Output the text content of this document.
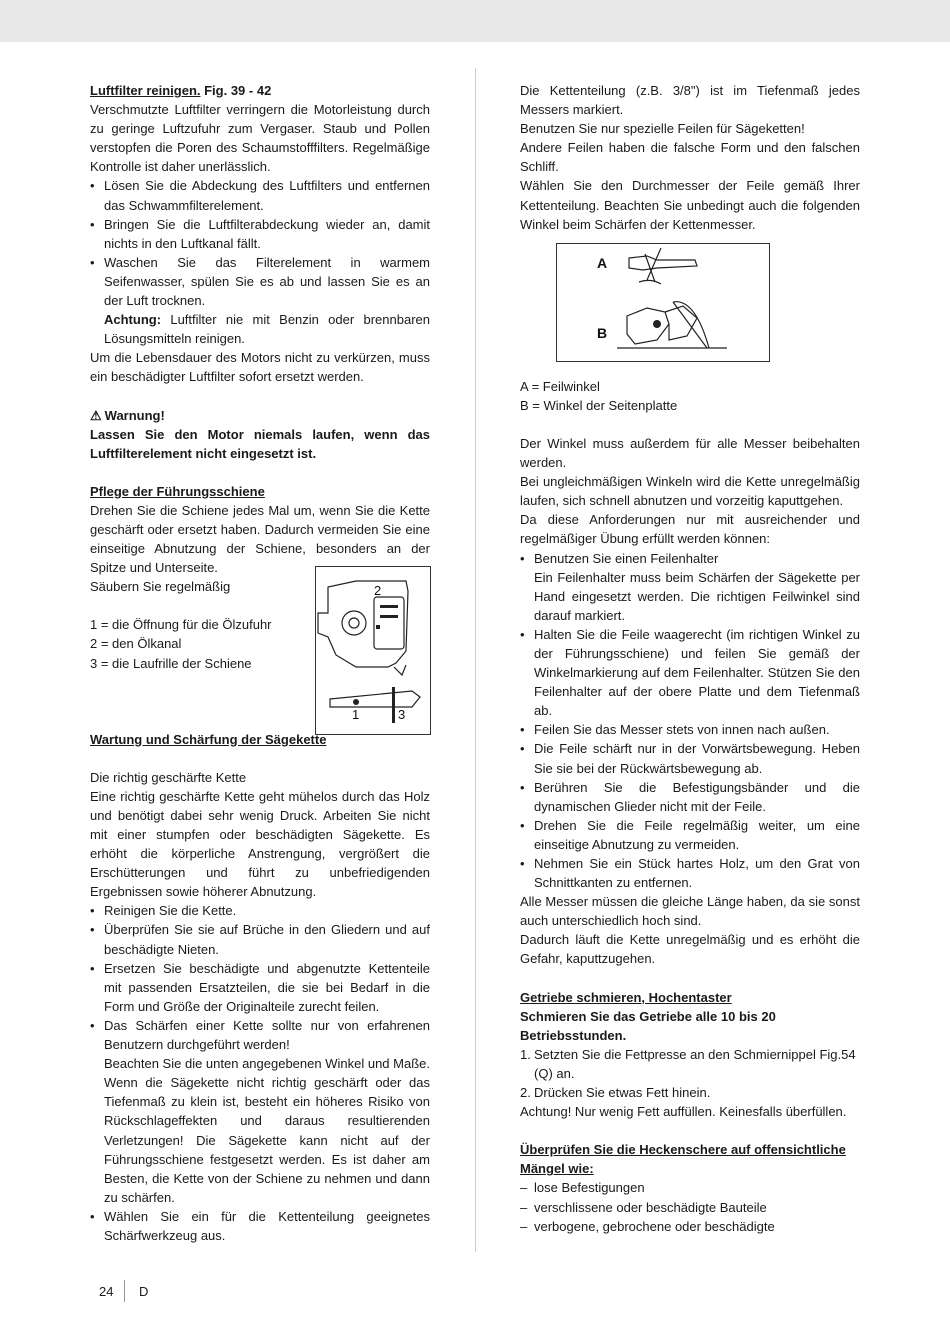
Luftfilter reinigen. Fig. 39 - 42

Verschmutzte Luftfilter verringern die Motorleistung durch zu geringe Luftzufuhr zum Vergaser. Staub und Pollen verstopfen die Poren des Schaumstofffilters. Regelmäßige Kontrolle ist daher unerlässlich.

• Lösen Sie die Abdeckung des Luftfilters und entfernen das Schwammfilterelement.
• Bringen Sie die Luftfilterabdeckung wieder an, damit nichts in den Luftkanal fällt.
• Waschen Sie das Filterelement in warmem Seifenwasser, spülen Sie es ab und lassen Sie es an der Luft trocknen.

Achtung: Luftfilter nie mit Benzin oder brennbaren Lösungsmitteln reinigen.

Um die Lebensdauer des Motors nicht zu verkürzen, muss ein beschädigter Luftfilter sofort ersetzt werden.

⚠ Warnung!

Lassen Sie den Motor niemals laufen, wenn das Luftfilterelement nicht eingesetzt ist.

Pflege der Führungsschiene

Drehen Sie die Schiene jedes Mal um, wenn Sie die Kette geschärft oder ersetzt haben. Dadurch vermeiden Sie eine einseitige Abnutzung der Schiene, besonders an der Spitze und Unterseite.

Säubern Sie regelmäßig

1 = die Öffnung für die Ölzufuhr

2 = den Ölkanal

3 = die Laufrille der Schiene

Wartung und Schärfung der Sägekette

Die richtig geschärfte Kette

Eine richtig geschärfte Kette geht mühelos durch das Holz und benötigt dabei sehr wenig Druck. Arbeiten Sie nicht mit einer stumpfen oder beschädigten Sägekette. Es erhöht die körperliche Anstrengung, vergrößert die Erschütterungen und führt zu unbefriedigenden Ergebnissen sowie höherer Abnutzung.

• Reinigen Sie die Kette.
• Überprüfen Sie sie auf Brüche in den Gliedern und auf beschädigte Nieten.
• Ersetzen Sie beschädigte und abgenutzte Kettenteile mit passenden Ersatzteilen, die sie bei Bedarf in die Form und Größe der Originalteile zurecht feilen.
• Das Schärfen einer Kette sollte nur von erfahrenen Benutzern durchgeführt werden!

Beachten Sie die unten angegebenen Winkel und Maße. Wenn die Sägekette nicht richtig geschärft oder das Tiefenmaß zu klein ist, besteht ein höheres Risiko von Rückschlageffekten und daraus resultierenden Verletzungen! Die Sägekette kann nicht auf der Führungsschiene festgesetzt werden. Es ist daher am Besten, die Kette von der Schiene zu nehmen und dann zu schärfen.

• Wählen Sie ein für die Kettenteilung geeignetes Schärfwerkzeug aus.
2
1	3

Die Kettenteilung (z.B. 3/8") ist im Tiefenmaß jedes Messers markiert.

Benutzen Sie nur spezielle Feilen für Sägeketten!

Andere Feilen haben die falsche Form und den falschen Schliff.

Wählen Sie den Durchmesser der Feile gemäß Ihrer Kettenteilung. Beachten Sie unbedingt auch die folgenden Winkel beim Schärfen der Kettenmesser.

A = Feilwinkel

B = Winkel der Seitenplatte

Der Winkel muss außerdem für alle Messer beibehalten werden.

Bei ungleichmäßigen Winkeln wird die Kette unregelmäßig laufen, sich schnell abnutzen und vorzeitig kaputtgehen.

Da diese Anforderungen nur mit ausreichender und regelmäßiger Übung erfüllt werden können:

• Benutzen Sie einen Feilenhalter

Ein Feilenhalter muss beim Schärfen der Sägekette per Hand eingesetzt werden. Die richtigen Feilwinkel sind darauf markiert.

• Halten Sie die Feile waagerecht (im richtigen Winkel zu der Führungsschiene) und feilen Sie gemäß der Winkelmarkierung auf dem Feilenhalter. Stützen Sie den Feilenhalter auf der obere Platte und dem Tiefenmaß ab.
• Feilen Sie das Messer stets von innen nach außen.
• Die Feile schärft nur in der Vorwärtsbewegung. Heben Sie sie bei der Rückwärtsbewegung ab.
• Berühren Sie die Befestigungsbänder und die dynamischen Glieder nicht mit der Feile.
• Drehen Sie die Feile regelmäßig weiter, um eine einseitige Abnutzung zu vermeiden.
• Nehmen Sie ein Stück hartes Holz, um den Grat von Schnittkanten zu entfernen.

Alle Messer müssen die gleiche Länge haben, da sie sonst auch unterschiedlich hoch sind.

Dadurch läuft die Kette unregelmäßig und es erhöht die Gefahr, kaputtzugehen.

Getriebe schmieren, Hochentaster

Schmieren Sie das Getriebe alle 10 bis 20 Betriebsstunden.

1. Setzten Sie die Fettpresse an den Schmiernippel Fig.54 (Q) an.
2. Drücken Sie etwas Fett hinein.

Achtung! Nur wenig Fett auffüllen. Keinesfalls überfüllen.

Überprüfen Sie die Heckenschere auf offensichtliche Mängel wie:

– lose Befestigungen
– verschlissene oder beschädigte Bauteile
– verbogene, gebrochene oder beschädigte
A
B
24 D
